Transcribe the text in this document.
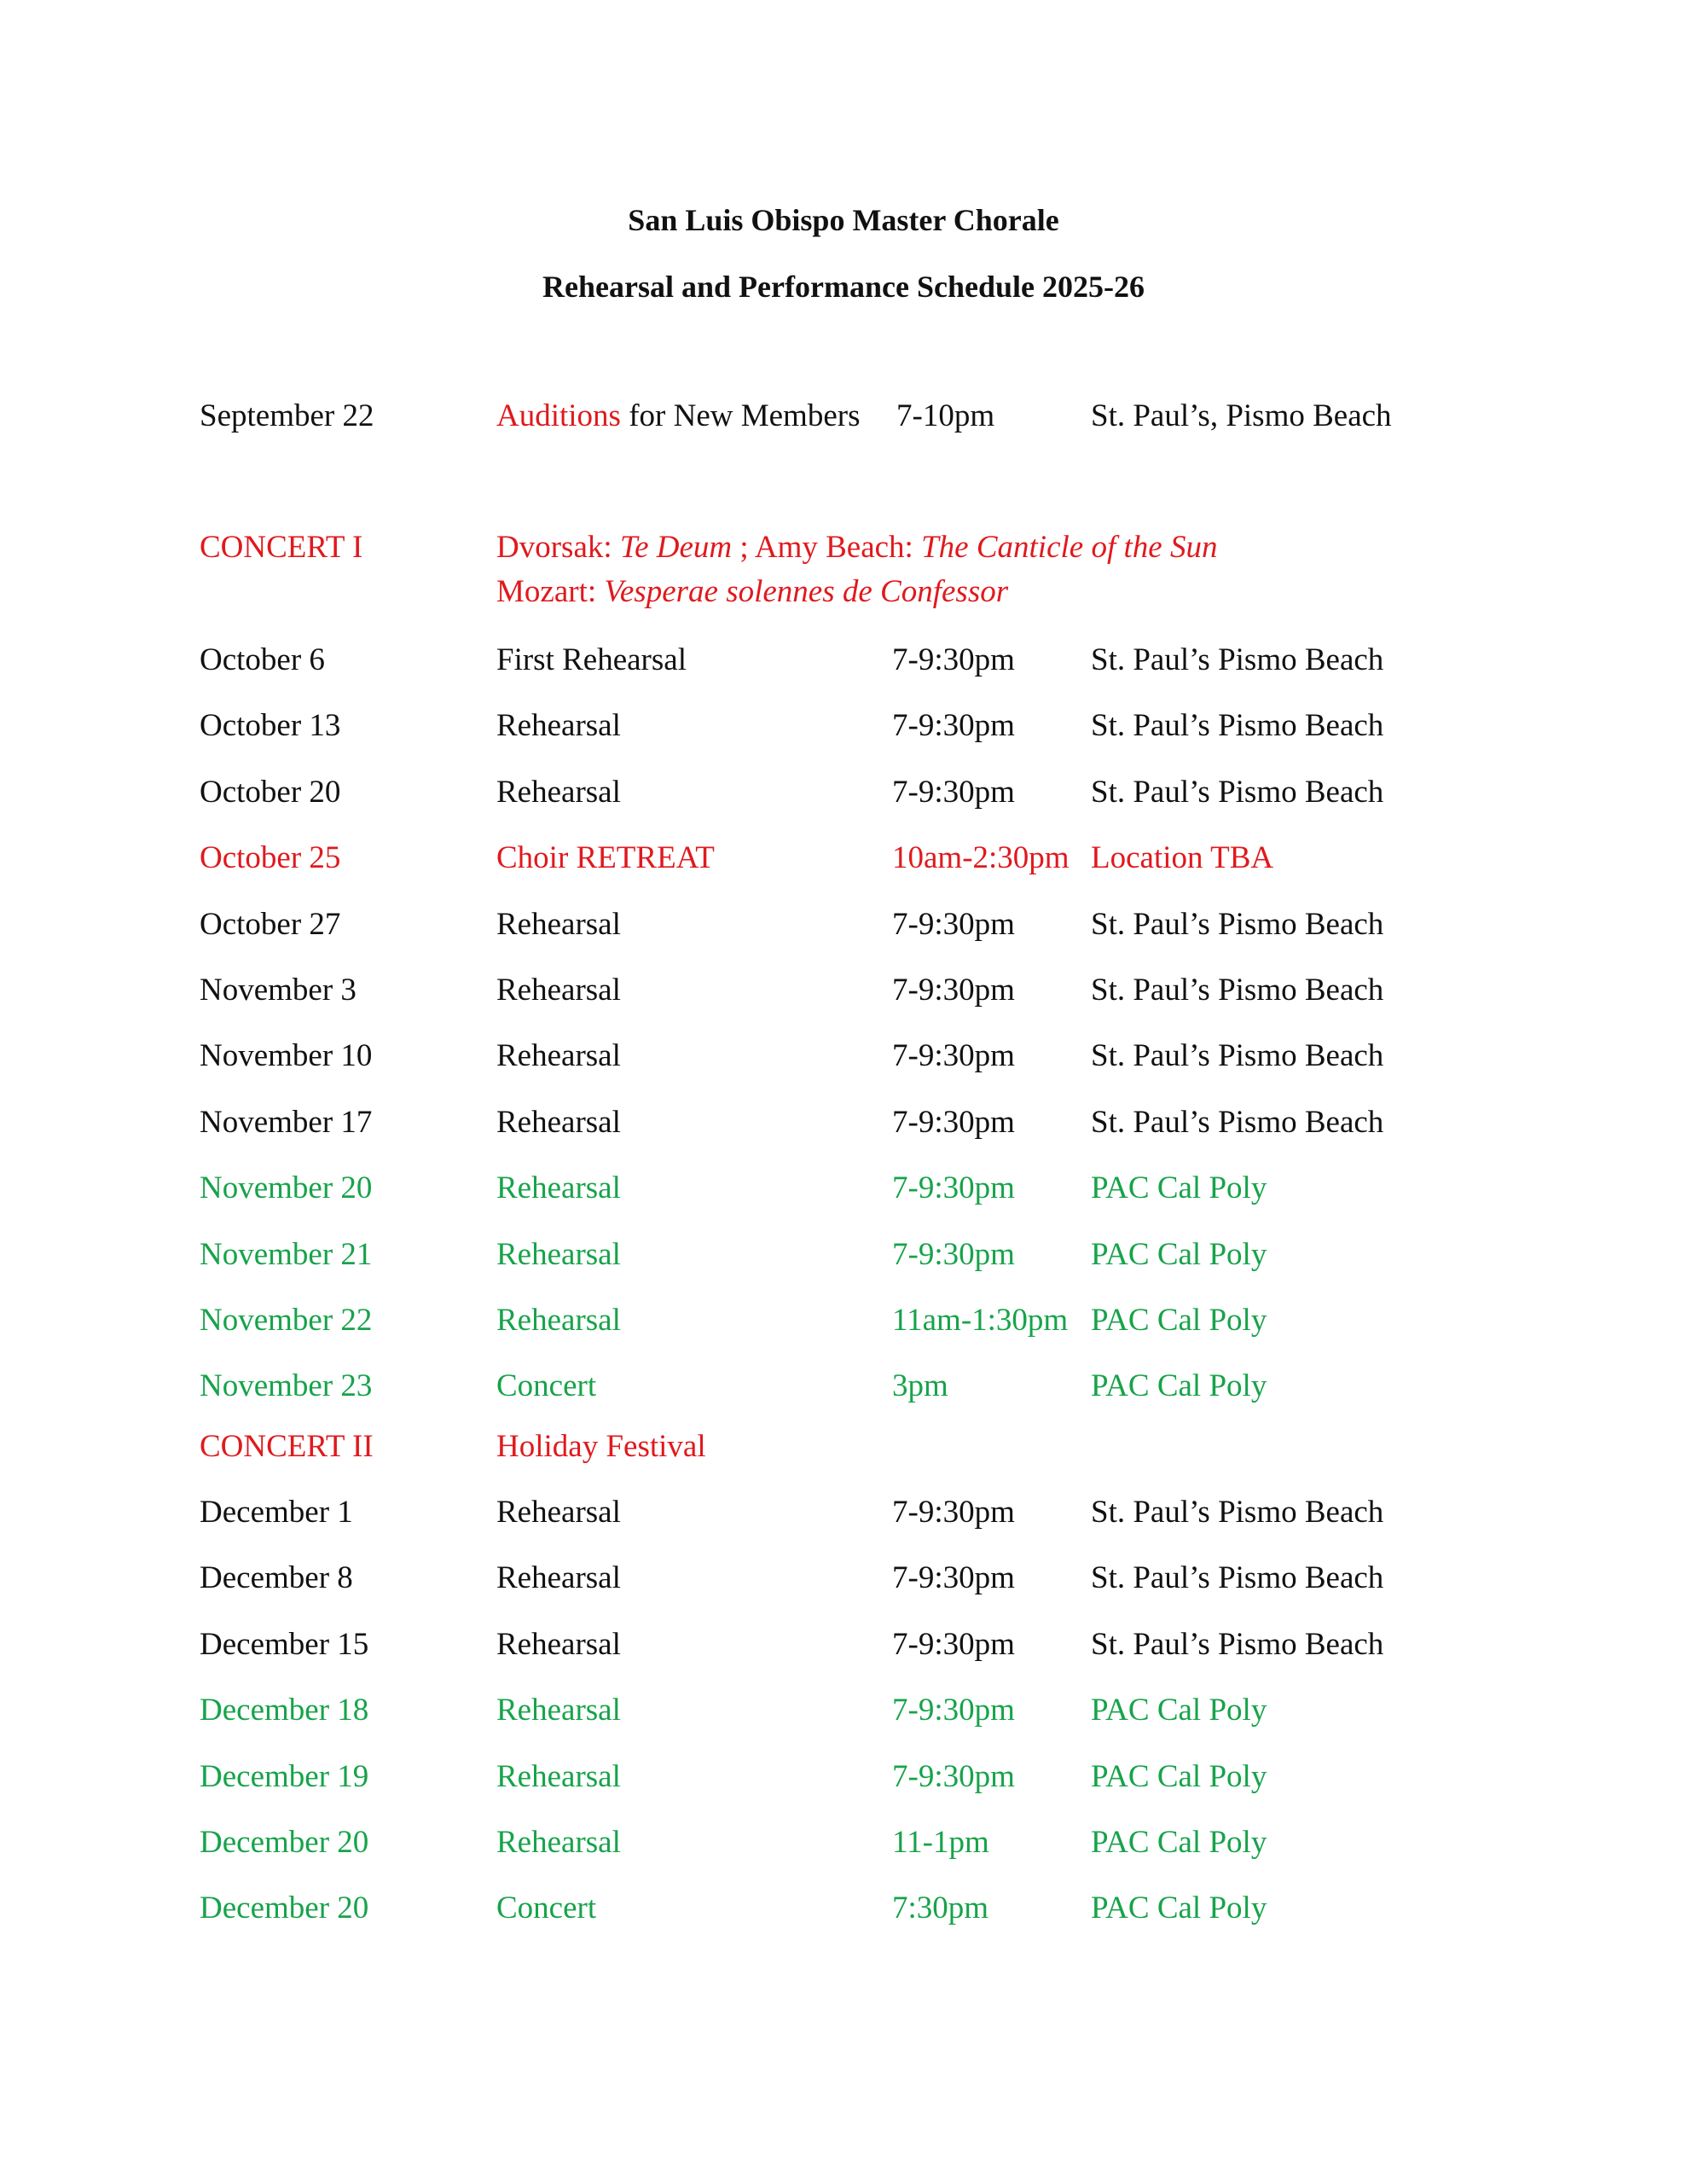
San Luis Obispo Master Chorale
Rehearsal and Performance Schedule 2025-26
September 22	Auditions for New Members 7-10pm	St. Paul’s, Pismo Beach
CONCERT I	Dvorsak: Te Deum ; Amy Beach: The Canticle of the Sun
Mozart: Vesperae solennes de Confessor
October 6	First Rehearsal	7-9:30pm St. Paul’s Pismo Beach
October 13	Rehearsal	7-9:30pm St. Paul’s Pismo Beach
October 20	Rehearsal	7-9:30pm St. Paul’s Pismo Beach
October 25	Choir RETREAT	10am-2:30pm Location TBA
October 27	Rehearsal	7-9:30pm St. Paul’s Pismo Beach
November 3	Rehearsal	7-9:30pm St. Paul’s Pismo Beach
November 10	Rehearsal	7-9:30pm St. Paul’s Pismo Beach
November 17	Rehearsal	7-9:30pm St. Paul’s Pismo Beach
November 20	Rehearsal	7-9:30pm PAC Cal Poly
November 21	Rehearsal	7-9:30pm PAC Cal Poly
November 22	Rehearsal	11am-1:30pm PAC Cal Poly
November 23	Concert	3pm	PAC Cal Poly
CONCERT II	Holiday Festival
December 1	Rehearsal	7-9:30pm St. Paul’s Pismo Beach
December 8	Rehearsal	7-9:30pm St. Paul’s Pismo Beach
December 15	Rehearsal	7-9:30pm St. Paul’s Pismo Beach
December 18	Rehearsal	7-9:30pm PAC Cal Poly
December 19	Rehearsal	7-9:30pm PAC Cal Poly
December 20	Rehearsal	11-1pm	PAC Cal Poly
December 20	Concert	7:30pm	PAC Cal Poly
